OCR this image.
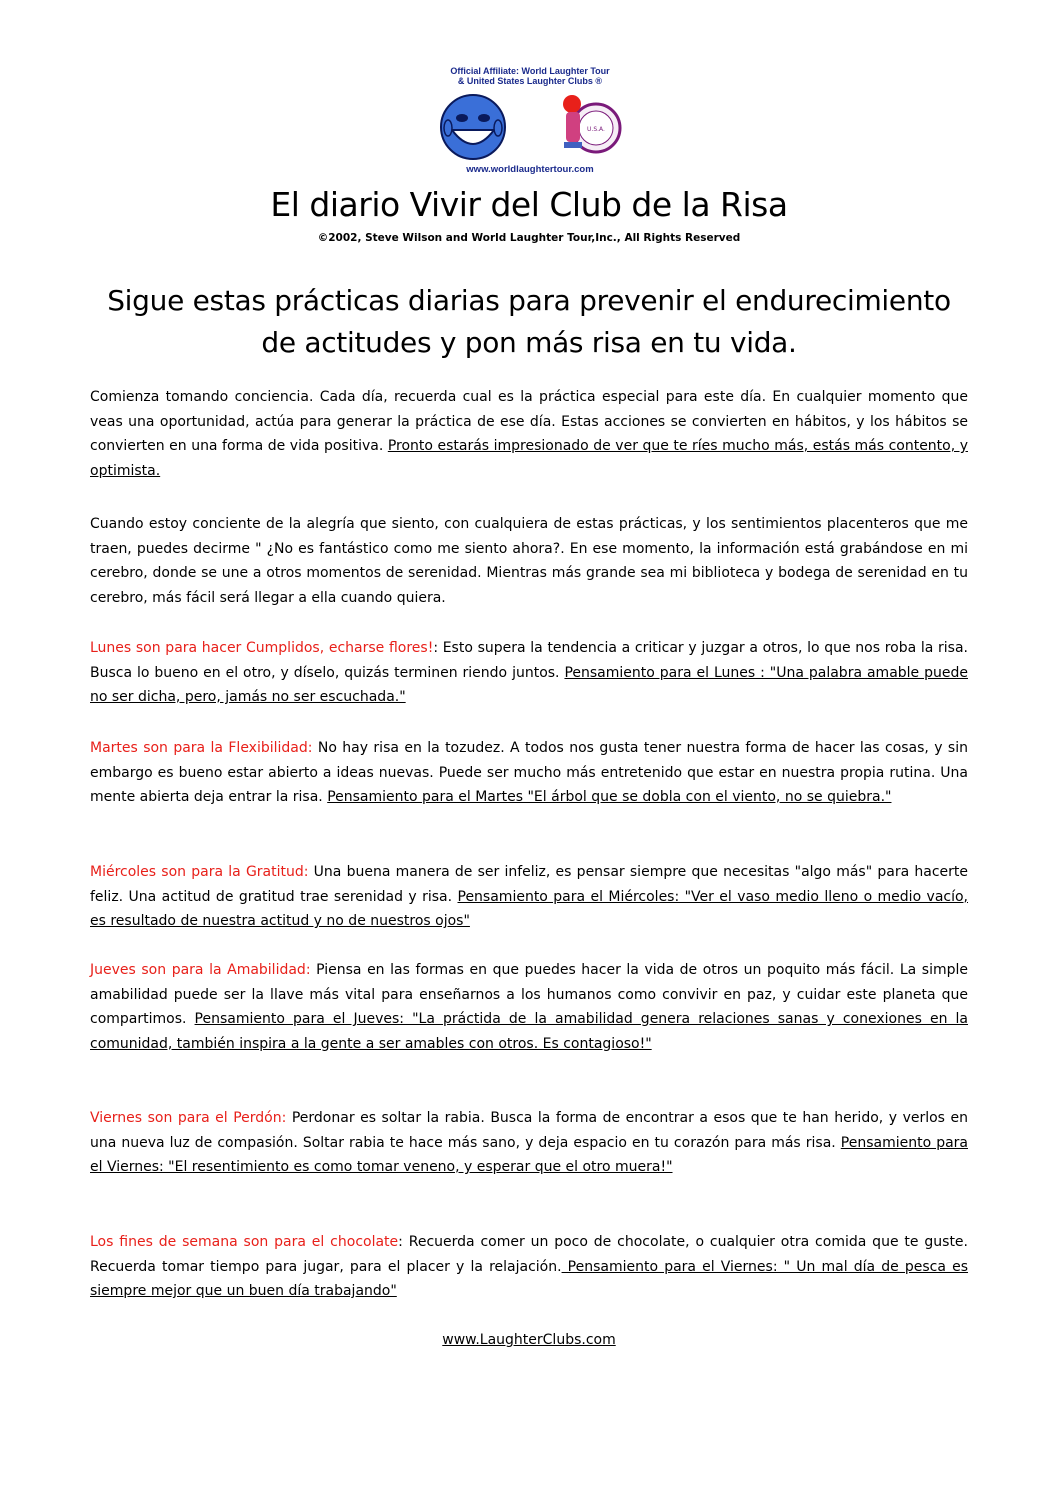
Official Affiliate: World Laughter Tour
& United States Laughter Clubs ®
U.S.A.
www.worldlaughtertour.com
El diario Vivir del Club de la Risa
©2002, Steve Wilson and World Laughter Tour,Inc., All Rights Reserved
Sigue estas prácticas diarias para prevenir el endurecimiento de actitudes y pon más risa en tu vida.
Comienza tomando conciencia. Cada día, recuerda cual es la práctica especial para este día. En cualquier momento que veas una oportunidad, actúa para generar la práctica de ese día. Estas acciones se convierten en hábitos, y los hábitos se convierten en una forma de vida positiva. Pronto estarás impresionado de ver que te ríes mucho más, estás más contento, y optimista.
Cuando estoy conciente de la alegría que siento, con cualquiera de estas prácticas, y los sentimientos placenteros que me traen, puedes decirme " ¿No es fantástico como me siento ahora?. En ese momento, la información está grabándose en mi cerebro, donde se une a otros momentos de serenidad. Mientras más grande sea mi biblioteca y bodega de serenidad en tu cerebro, más fácil será llegar a ella cuando quiera.
Lunes son para hacer Cumplidos, echarse flores!: Esto supera la tendencia a criticar y juzgar a otros, lo que nos roba la risa. Busca lo bueno en el otro, y díselo, quizás terminen riendo juntos. Pensamiento para el Lunes : "Una palabra amable puede no ser dicha, pero, jamás no ser escuchada."
Martes son para la Flexibilidad: No hay risa en la tozudez. A todos nos gusta tener nuestra forma de hacer las cosas, y sin embargo es bueno estar abierto a ideas nuevas. Puede ser mucho más entretenido que estar en nuestra propia rutina. Una mente abierta deja entrar la risa. Pensamiento para el Martes "El árbol que se dobla con el viento, no se quiebra."
Miércoles son para la Gratitud: Una buena manera de ser infeliz, es pensar siempre que necesitas "algo más" para hacerte feliz. Una actitud de gratitud trae serenidad y risa. Pensamiento para el Miércoles: "Ver el vaso medio lleno o medio vacío, es resultado de nuestra actitud y no de nuestros ojos"
Jueves son para la Amabilidad: Piensa en las formas en que puedes hacer la vida de otros un poquito más fácil. La simple amabilidad puede ser la llave más vital para enseñarnos a los humanos como convivir en paz, y cuidar este planeta que compartimos. Pensamiento para el Jueves: "La práctida de la amabilidad genera relaciones sanas y conexiones en la comunidad, también inspira a la gente a ser amables con otros. Es contagioso!"
Viernes son para el Perdón: Perdonar es soltar la rabia. Busca la forma de encontrar a esos que te han herido, y verlos en una nueva luz de compasión. Soltar rabia te hace más sano, y deja espacio en tu corazón para más risa. Pensamiento para el Viernes: "El resentimiento es como tomar veneno, y esperar que el otro muera!"
Los fines de semana son para el chocolate: Recuerda comer un poco de chocolate, o cualquier otra comida que te guste. Recuerda tomar tiempo para jugar, para el placer y la relajación. Pensamiento para el Viernes: " Un mal día de pesca es siempre mejor que un buen día trabajando"
www.LaughterClubs.com
